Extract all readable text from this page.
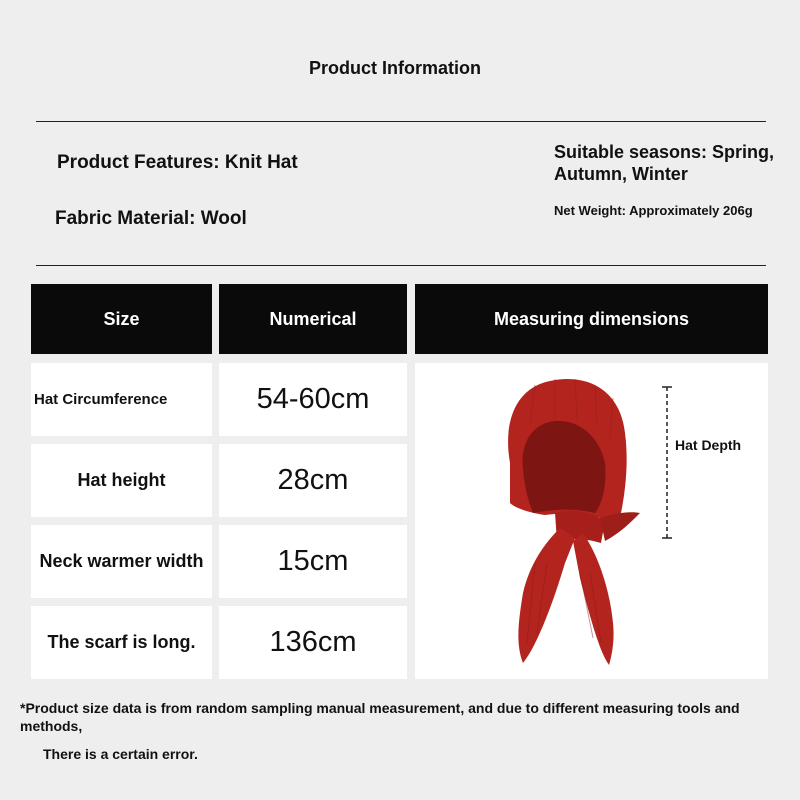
Product Information
Product Features: Knit Hat
Fabric Material: Wool
Suitable seasons: Spring, Autumn, Winter
Net Weight: Approximately 206g
Size	Numerical	Measuring dimensions
Hat Circumference	54-60cm
Hat height	28cm
Neck warmer width	15cm
The scarf is long.	136cm
Hat Depth
*Product size data is from random sampling manual measurement, and due to different measuring tools and methods,
There is a certain error.
